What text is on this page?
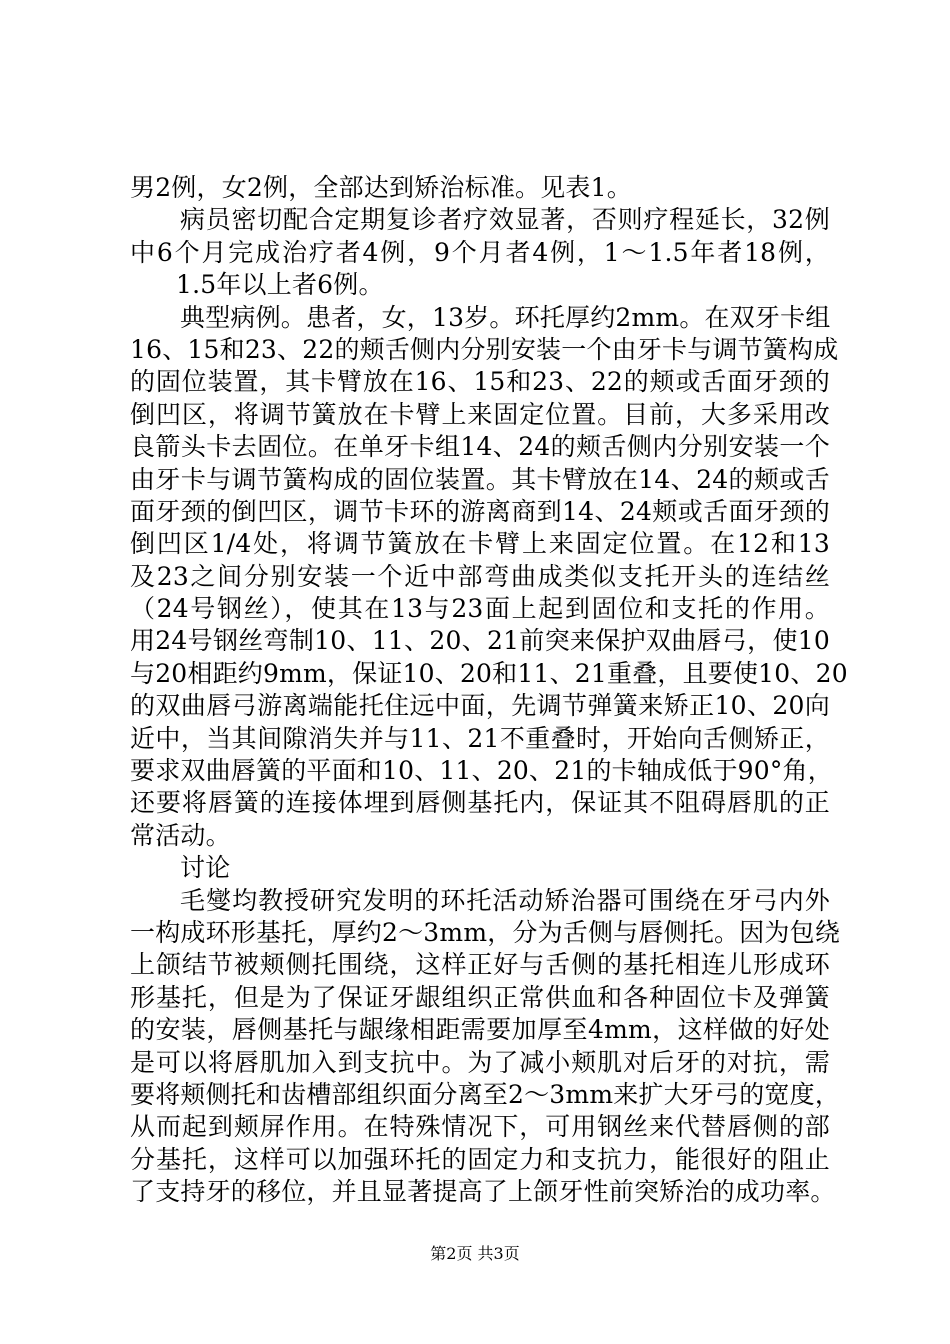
男2例，女2例，全部达到矫治标准。见表1。
病员密切配合定期复诊者疗效显著，否则疗程延长，32例
中6个月完成治疗者4例，9个月者4例，1～1.5年者18例，
1.5年以上者6例。
典型病例。患者，女，13岁。环托厚约2mm。在双牙卡组
16、15和23、22的颊舌侧内分别安装一个由牙卡与调节簧构成
的固位装置，其卡臂放在16、15和23、22的颊或舌面牙颈的
倒凹区，将调节簧放在卡臂上来固定位置。目前，大多采用改
良箭头卡去固位。在单牙卡组14、24的颊舌侧内分别安装一个
由牙卡与调节簧构成的固位装置。其卡臂放在14、24的颊或舌
面牙颈的倒凹区，调节卡环的游离商到14、24颊或舌面牙颈的
倒凹区1/4处，将调节簧放在卡臂上来固定位置。在12和13
及23之间分别安装一个近中部弯曲成类似支托开头的连结丝
（24号钢丝），使其在13与23面上起到固位和支托的作用。
用24号钢丝弯制10、11、20、21前突来保护双曲唇弓，使10
与20相距约9mm，保证10、20和11、21重叠，且要使10、20
的双曲唇弓游离端能托住远中面，先调节弹簧来矫正10、20向
近中，当其间隙消失并与11、21不重叠时，开始向舌侧矫正，
要求双曲唇簧的平面和10、11、20、21的卡轴成低于90°角，
还要将唇簧的连接体埋到唇侧基托内，保证其不阻碍唇肌的正
常活动。
讨论
毛燮均教授研究发明的环托活动矫治器可围绕在牙弓内外
一构成环形基托，厚约2～3mm，分为舌侧与唇侧托。因为包绕
上颌结节被颊侧托围绕，这样正好与舌侧的基托相连儿形成环
形基托，但是为了保证牙龈组织正常供血和各种固位卡及弹簧
的安装，唇侧基托与龈缘相距需要加厚至4mm，这样做的好处
是可以将唇肌加入到支抗中。为了减小颊肌对后牙的对抗，需
要将颊侧托和齿槽部组织面分离至2～3mm来扩大牙弓的宽度，
从而起到颊屏作用。在特殊情况下，可用钢丝来代替唇侧的部
分基托，这样可以加强环托的固定力和支抗力，能很好的阻止
了支持牙的移位，并且显著提高了上颌牙性前突矫治的成功率。
第2页 共3页
